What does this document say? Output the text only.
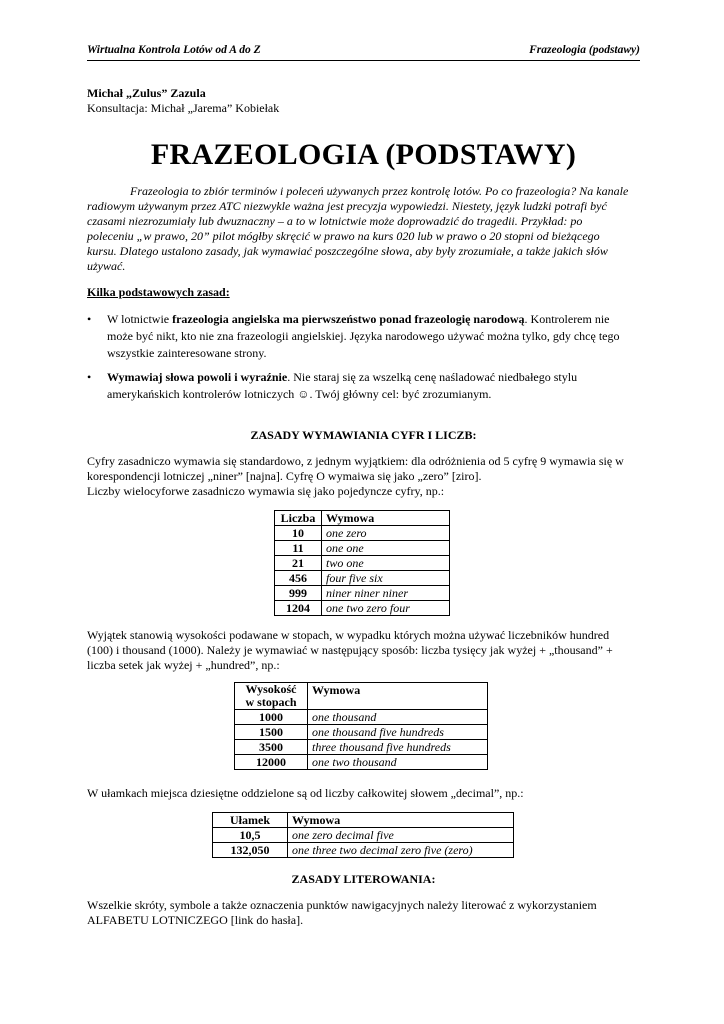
Wirtualna Kontrola Lotów od A do Z	Frazeologia (podstawy)
Michał „Zulus” Zazula
Konsultacja: Michał „Jarema” Kobiełak
FRAZEOLOGIA (PODSTAWY)
Frazeologia to zbiór terminów i poleceń używanych przez kontrolę lotów. Po co frazeologia? Na kanale
radiowym używanym przez ATC niezwykle ważna jest precyzja wypowiedzi. Niestety, język ludzki potrafi być
czasami niezrozumiały lub dwuznaczny – a to w lotnictwie może doprowadzić do tragedii. Przykład: po
poleceniu „w prawo, 20” pilot mógłby skręcić w prawo na kurs 020 lub w prawo o 20 stopni od bieżącego
kursu. Dlatego ustalono zasady, jak wymawiać poszczególne słowa, aby były zrozumiałe, a także jakich słów
używać.

Kilka podstawowych zasad:

• W lotnictwie frazeologia angielska ma pierwszeństwo ponad frazeologię narodową. Kontrolerem nie
może być nikt, kto nie zna frazeologii angielskiej. Języka narodowego używać można tylko, gdy chcę tego
wszystkie zainteresowane strony.
• Wymawiaj słowa powoli i wyraźnie. Nie staraj się za wszelką cenę naśladować niedbałego stylu
amerykańskich kontrolerów lotniczych ☺. Twój główny cel: być zrozumianym.

ZASADY WYMAWIANIA CYFR I LICZB:

Cyfry zasadniczo wymawia się standardowo, z jednym wyjątkiem: dla odróżnienia od 5 cyfrę 9 wymawia się w
korespondencji lotniczej „niner” [najna]. Cyfrę O wymaiwa się jako „zero” [ziro].
Liczby wielocyforwe zasadniczo wymawia się jako pojedyncze cyfry, np.:
Liczba	Wymowa
10	one zero
11	one one
21	two one
456	four five six
999	niner niner niner
1204	one two zero four
Wyjątek stanowią wysokości podawane w stopach, w wypadku których można używać liczebników hundred
(100) i thousand (1000). Należy je wymawiać w następujący sposób: liczba tysięcy jak wyżej + „thousand” +
liczba setek jak wyżej + „hundred”, np.:
Wysokość
w stopach	Wymowa
1000	one thousand
1500	one thousand five hundreds
3500	three thousand five hundreds
12000	one two thousand

W ułamkach miejsca dziesiętne oddzielone są od liczby całkowitej słowem „decimal”, np.:

Ułamek	Wymowa
10,5	one zero decimal five
132,050	one three two decimal zero five (zero)

ZASADY LITEROWANIA:

Wszelkie skróty, symbole a także oznaczenia punktów nawigacyjnych należy literować z wykorzystaniem
ALFABETU LOTNICZEGO [link do hasła].
